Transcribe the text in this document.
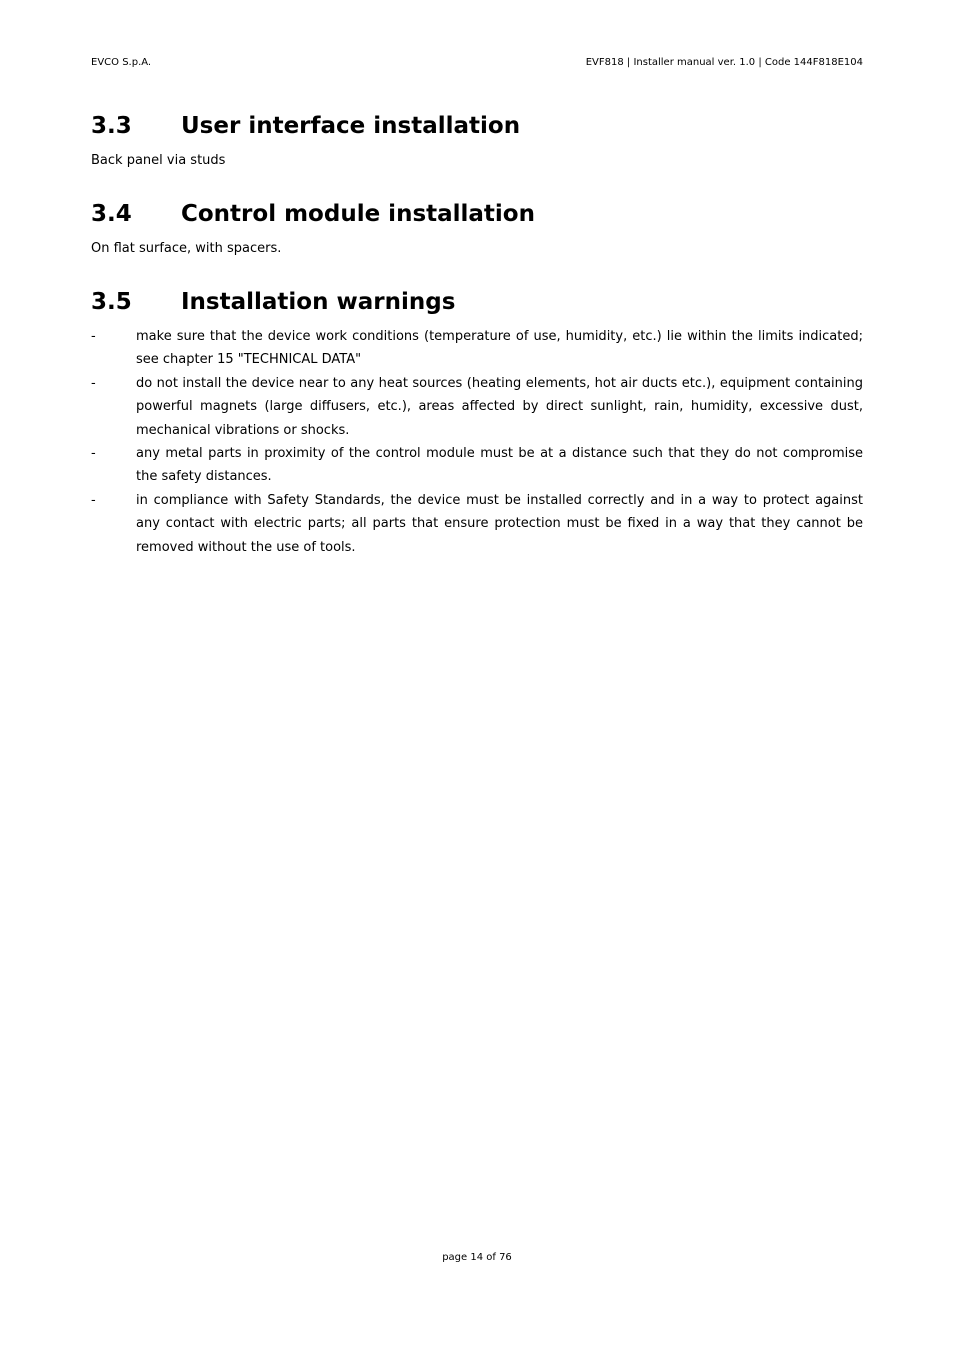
EVCO S.p.A.	EVF818 | Installer manual ver. 1.0 | Code 144F818E104
3.3 User interface installation

Back panel via studs

3.4 Control module installation

On flat surface, with spacers.

3.5 Installation warnings
-	make sure that the device work conditions (temperature of use, humidity, etc.) lie within the limits indicated; see chapter 15 "TECHNICAL DATA"
-	do not install the device near to any heat sources (heating elements, hot air ducts etc.), equipment containing powerful magnets (large diffusers, etc.), areas affected by direct sunlight, rain, humidity, excessive dust, mechanical vibrations or shocks.
-	any metal parts in proximity of the control module must be at a distance such that they do not compromise the safety distances.
-	in compliance with Safety Standards, the device must be installed correctly and in a way to protect against any contact with electric parts; all parts that ensure protection must be fixed in a way that they cannot be removed without the use of tools.
page 14 of 76
